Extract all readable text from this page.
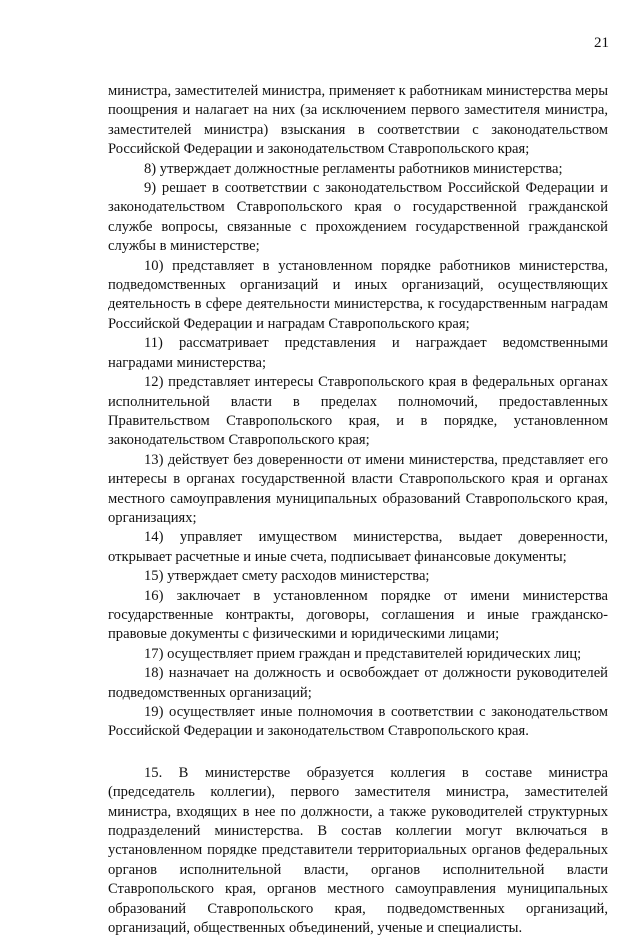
21

министра, заместителей министра, применяет к работникам министерства меры поощрения и налагает на них (за исключением первого заместителя министра, заместителей министра) взыскания в соответствии с законодательством Российской Федерации и законодательством Ставропольского края;

8) утверждает должностные регламенты работников министерства;

9) решает в соответствии с законодательством Российской Федерации и законодательством Ставропольского края о государственной гражданской службе вопросы, связанные с прохождением государственной гражданской службы в министерстве;

10) представляет в установленном порядке работников министерства, подведомственных организаций и иных организаций, осуществляющих деятельность в сфере деятельности министерства, к государственным наградам Российской Федерации и наградам Ставропольского края;

11) рассматривает представления и награждает ведомственными наградами министерства;

12) представляет интересы Ставропольского края в федеральных органах исполнительной власти в пределах полномочий, предоставленных Правительством Ставропольского края, и в порядке, установленном законодательством Ставропольского края;

13) действует без доверенности от имени министерства, представляет его интересы в органах государственной власти Ставропольского края и органах местного самоуправления муниципальных образований Ставропольского края, организациях;

14) управляет имуществом министерства, выдает доверенности, открывает расчетные и иные счета, подписывает финансовые документы;

15) утверждает смету расходов министерства;

16) заключает в установленном порядке от имени министерства государственные контракты, договоры, соглашения и иные гражданско-правовые документы с физическими и юридическими лицами;

17) осуществляет прием граждан и представителей юридических лиц;

18) назначает на должность и освобождает от должности руководителей подведомственных организаций;

19) осуществляет иные полномочия в соответствии с законодательством Российской Федерации и законодательством Ставропольского края.

15. В министерстве образуется коллегия в составе министра (председатель коллегии), первого заместителя министра, заместителей министра, входящих в нее по должности, а также руководителей структурных подразделений министерства. В состав коллегии могут включаться в установленном порядке представители территориальных органов федеральных органов исполнительной власти, органов исполнительной власти Ставропольского края, органов местного самоуправления муниципальных образований Ставропольского края, подведомственных организаций, организаций, общественных объединений, ученые и специалисты.
